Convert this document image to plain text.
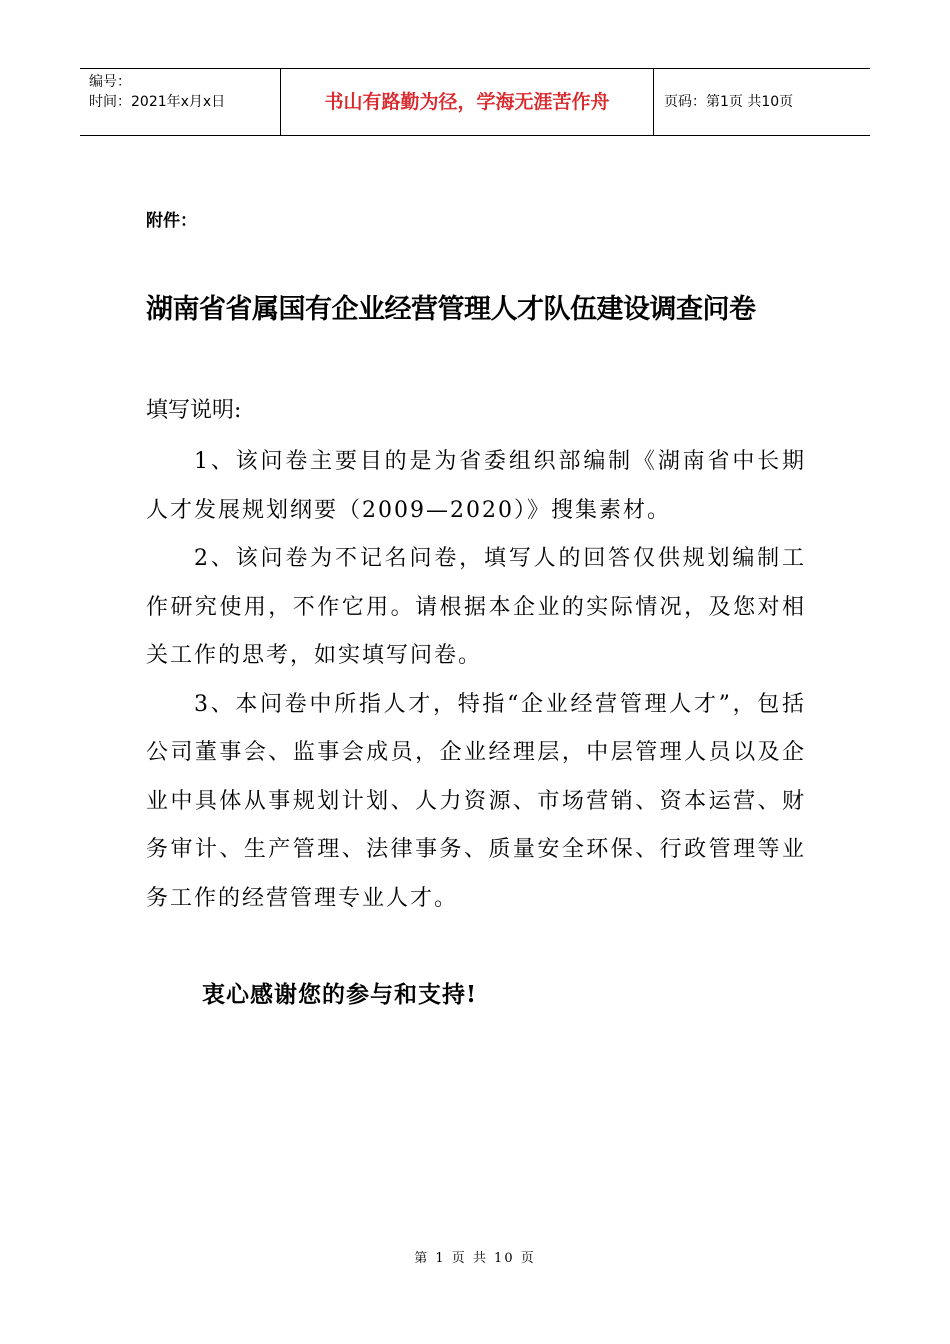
编号：
时间：2021年x月x日	书山有路勤为径，学海无涯苦作舟	页码：第1页 共10页
附件：
湖南省省属国有企业经营管理人才队伍建设调查问卷
填写说明:

1、该问卷主要目的是为省委组织部编制《湖南省中长期人才发展规划纲要（2009—2020）》搜集素材。

2、该问卷为不记名问卷，填写人的回答仅供规划编制工作研究使用，不作它用。请根据本企业的实际情况，及您对相关工作的思考，如实填写问卷。

3、本问卷中所指人才，特指“企业经营管理人才”，包括公司董事会、监事会成员，企业经理层，中层管理人员以及企业中具体从事规划计划、人力资源、市场营销、资本运营、财务审计、生产管理、法律事务、质量安全环保、行政管理等业务工作的经营管理专业人才。

衷心感谢您的参与和支持!
第 1 页 共 10 页
